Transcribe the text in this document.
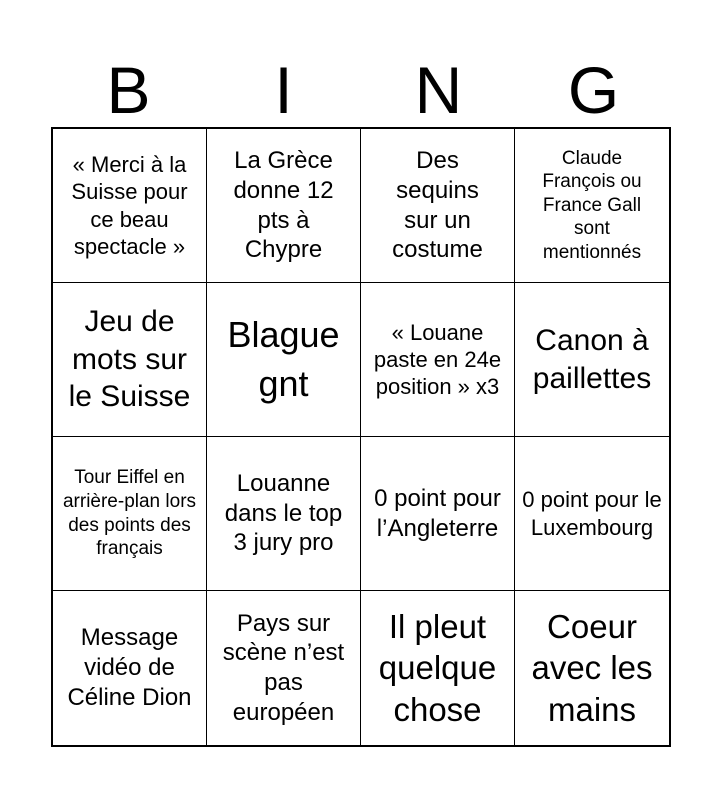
B	I	N	G
« Merci à la Suisse pour ce beau spectacle »
La Grèce donne 12 pts à Chypre
Des sequins sur un costume
Claude François ou France Gall sont mentionnés
Jeu de mots sur le Suisse
Blague gnt
« Louane paste en 24e position » x3
Canon à paillettes
Tour Eiffel en arrière-plan lors des points des français
Louanne dans le top 3 jury pro
0 point pour l’Angleterre
0 point pour le Luxembourg
Message vidéo de Céline Dion
Pays sur scène n’est pas européen
Il pleut quelque chose
Coeur avec les mains
